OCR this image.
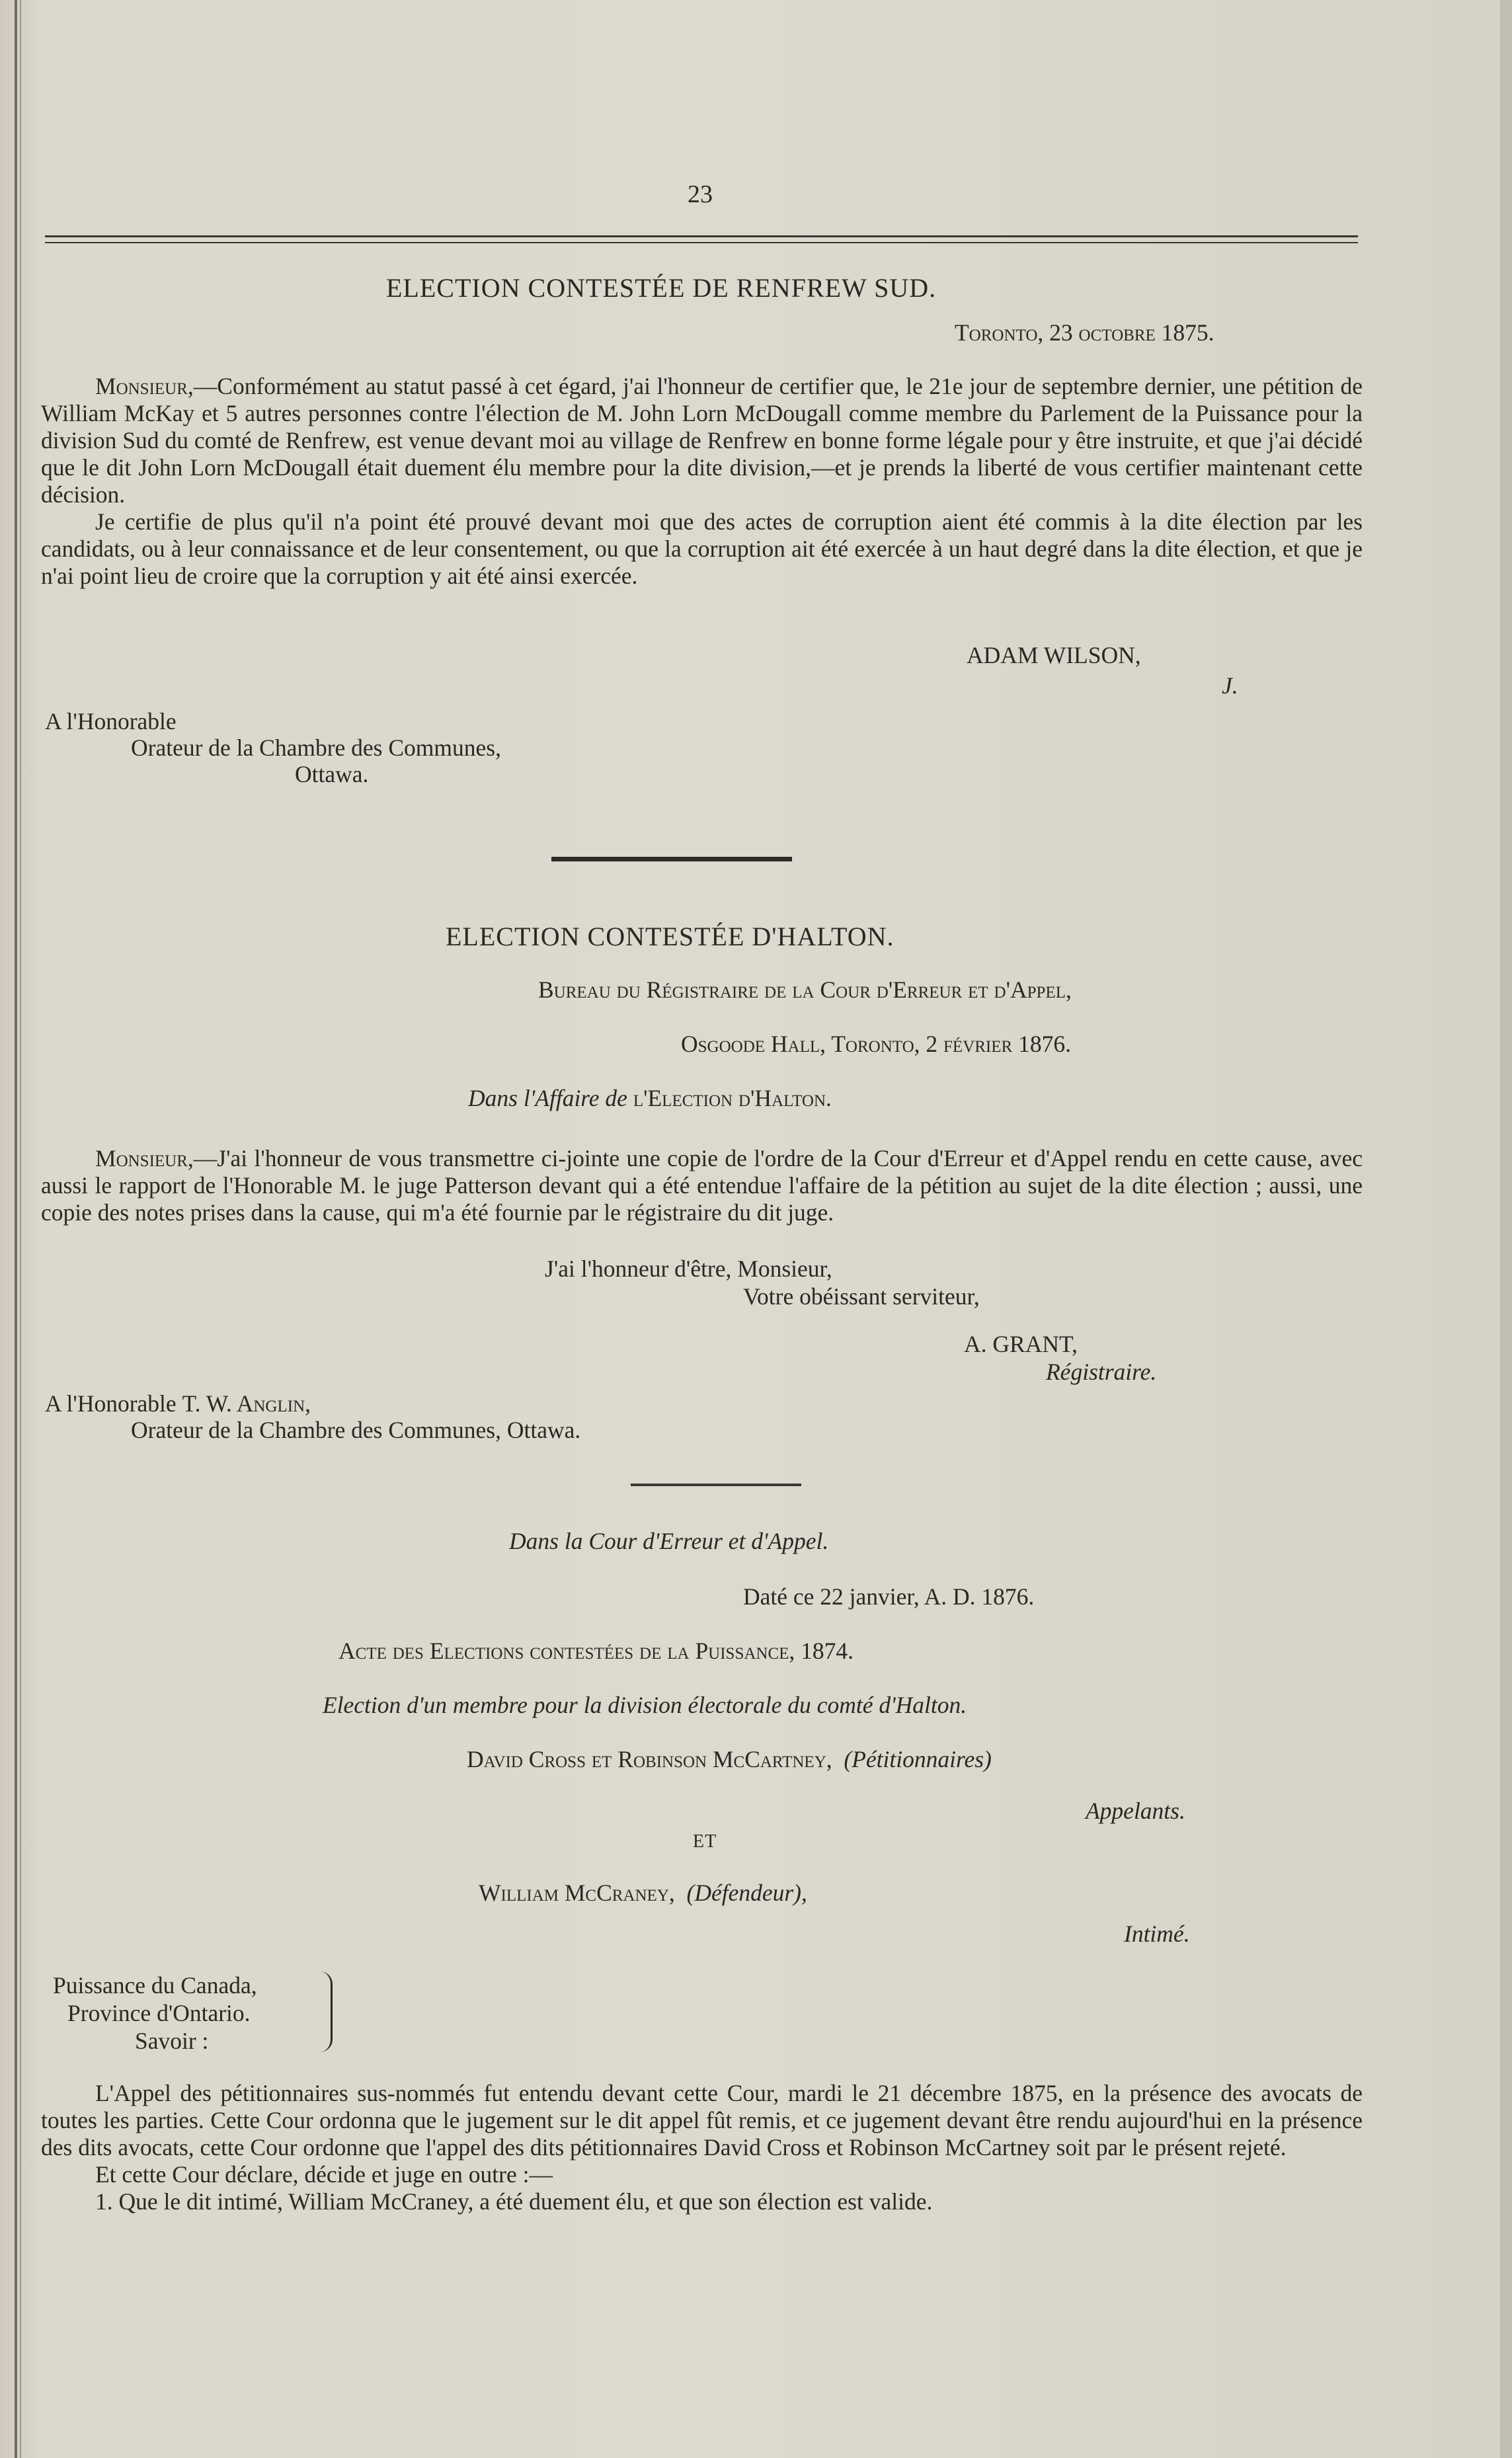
23
ELECTION CONTESTÉE DE RENFREW SUD.
Toronto, 23 octobre 1875.

Monsieur,—Conformément au statut passé à cet égard, j'ai l'honneur de certifier que, le 21e jour de septembre dernier, une pétition de William McKay et 5 autres personnes contre l'élection de M. John Lorn McDougall comme membre du Parlement de la Puissance pour la division Sud du comté de Renfrew, est venue devant moi au village de Renfrew en bonne forme légale pour y être instruite, et que j'ai décidé que le dit John Lorn McDougall était duement élu membre pour la dite division,—et je prends la liberté de vous certifier maintenant cette décision.

Je certifie de plus qu'il n'a point été prouvé devant moi que des actes de corruption aient été commis à la dite élection par les candidats, ou à leur connaissance et de leur consentement, ou que la corruption ait été exercée à un haut degré dans la dite élection, et que je n'ai point lieu de croire que la corruption y ait été ainsi exercée.

ADAM WILSON,
J.
A l'Honorable
Orateur de la Chambre des Communes,
Ottawa.
ELECTION CONTESTÉE D'HALTON.
Bureau du Régistraire de la Cour d'Erreur et d'Appel,
Osgoode Hall, Toronto, 2 février 1876.
Dans l'Affaire de l'Election d'Halton.

Monsieur,—J'ai l'honneur de vous transmettre ci-jointe une copie de l'ordre de la Cour d'Erreur et d'Appel rendu en cette cause, avec aussi le rapport de l'Honorable M. le juge Patterson devant qui a été entendue l'affaire de la pétition au sujet de la dite élection ; aussi, une copie des notes prises dans la cause, qui m'a été fournie par le régistraire du dit juge.

J'ai l'honneur d'être, Monsieur,
Votre obéissant serviteur,
A. GRANT,
Régistraire.
A l'Honorable T. W. Anglin,
Orateur de la Chambre des Communes, Ottawa.
Dans la Cour d'Erreur et d'Appel.
Daté ce 22 janvier, A. D. 1876.
Acte des Elections contestées de la Puissance, 1874.
Election d'un membre pour la division électorale du comté d'Halton.
David Cross et Robinson McCartney, (Pétitionnaires)
Appelants.
ET
William McCraney, (Défendeur),
Intimé.
Puissance du Canada,
Province d'Ontario.
Savoir :

L'Appel des pétitionnaires sus-nommés fut entendu devant cette Cour, mardi le 21 décembre 1875, en la présence des avocats de toutes les parties. Cette Cour ordonna que le jugement sur le dit appel fût remis, et ce jugement devant être rendu aujourd'hui en la présence des dits avocats, cette Cour ordonne que l'appel des dits pétitionnaires David Cross et Robinson McCartney soit par le présent rejeté.

Et cette Cour déclare, décide et juge en outre :—

1. Que le dit intimé, William McCraney, a été duement élu, et que son élection est valide.
